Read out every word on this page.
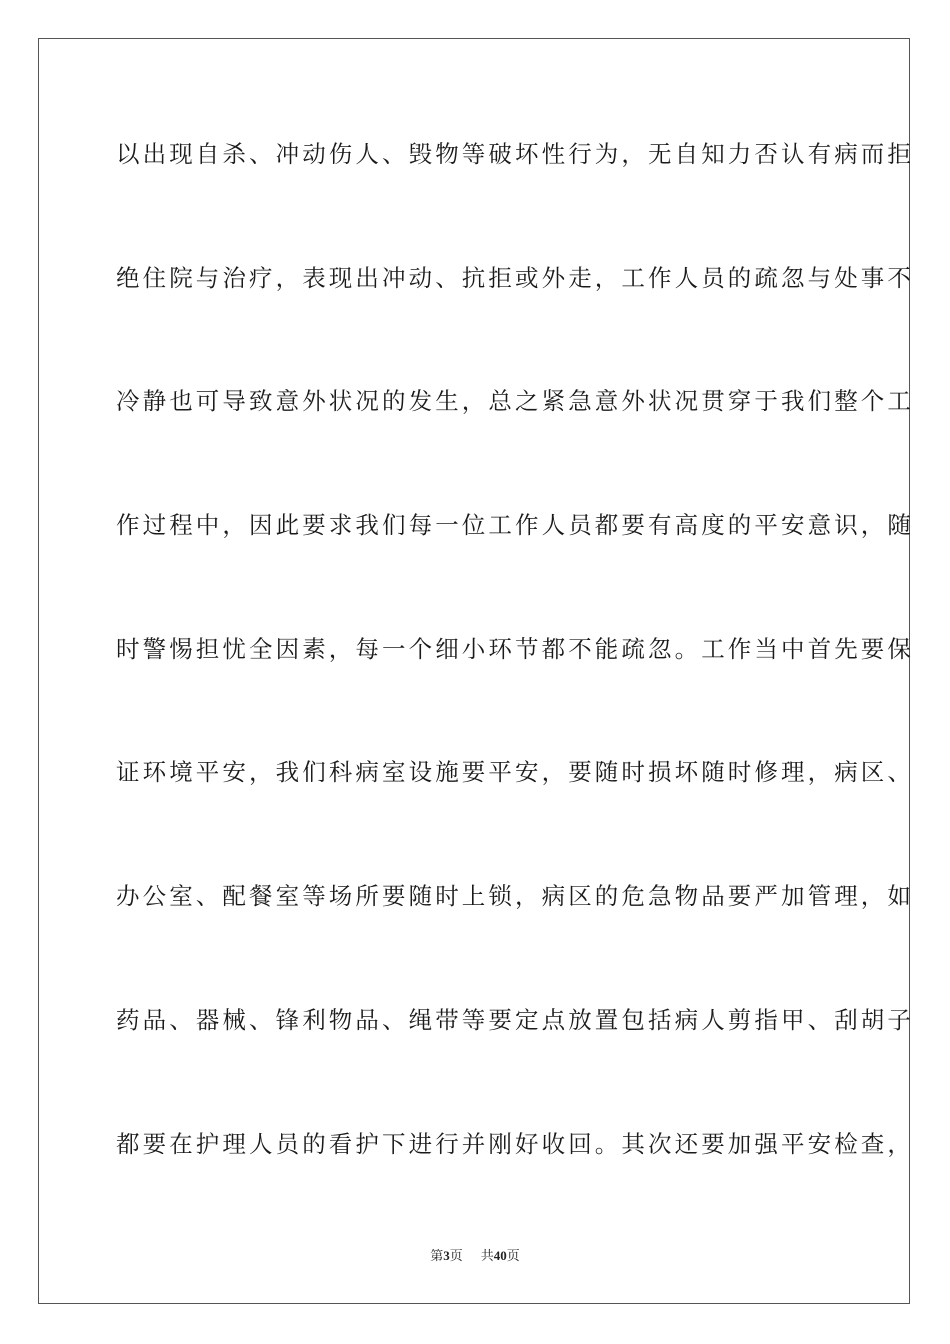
以出现自杀、冲动伤人、毁物等破坏性行为，无自知力否认有病而拒
绝住院与治疗，表现出冲动、抗拒或外走，工作人员的疏忽与处事不
冷静也可导致意外状况的发生，总之紧急意外状况贯穿于我们整个工
作过程中，因此要求我们每一位工作人员都要有高度的平安意识，随
时警惕担忧全因素，每一个细小环节都不能疏忽。工作当中首先要保
证环境平安，我们科病室设施要平安，要随时损坏随时修理，病区、
办公室、配餐室等场所要随时上锁，病区的危急物品要严加管理，如
药品、器械、锋利物品、绳带等要定点放置包括病人剪指甲、刮胡子
都要在护理人员的看护下进行并刚好收回。其次还要加强平安检查，
第3页 共40页
